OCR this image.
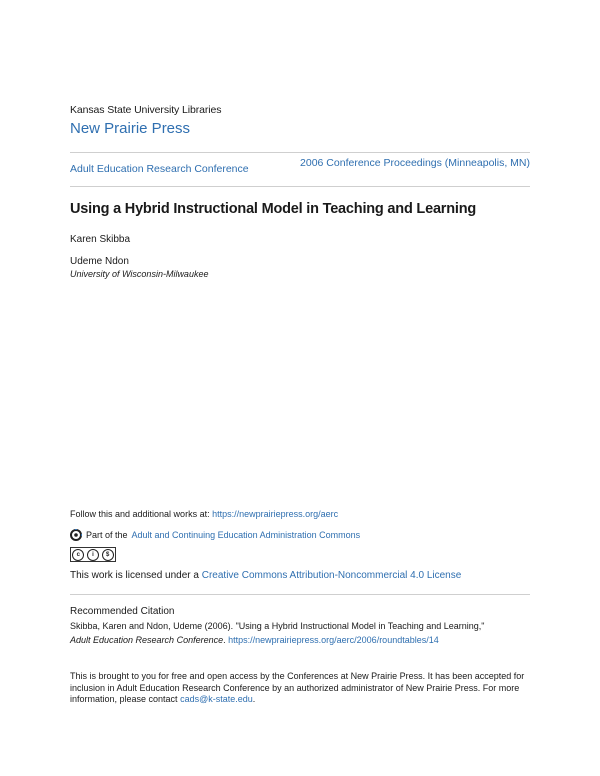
Kansas State University Libraries
New Prairie Press
Adult Education Research Conference	2006 Conference Proceedings (Minneapolis, MN)
Using a Hybrid Instructional Model in Teaching and Learning
Karen Skibba
Udeme Ndon
University of Wisconsin-Milwaukee
Follow this and additional works at: https://newprairiepress.org/aerc
Part of the Adult and Continuing Education Administration Commons
c	i	$
This work is licensed under a Creative Commons Attribution-Noncommercial 4.0 License
Recommended Citation
Skibba, Karen and Ndon, Udeme (2006). "Using a Hybrid Instructional Model in Teaching and Learning,"
Adult Education Research Conference. https://newprairiepress.org/aerc/2006/roundtables/14
This is brought to you for free and open access by the Conferences at New Prairie Press. It has been accepted for inclusion in Adult Education Research Conference by an authorized administrator of New Prairie Press. For more information, please contact cads@k-state.edu.
